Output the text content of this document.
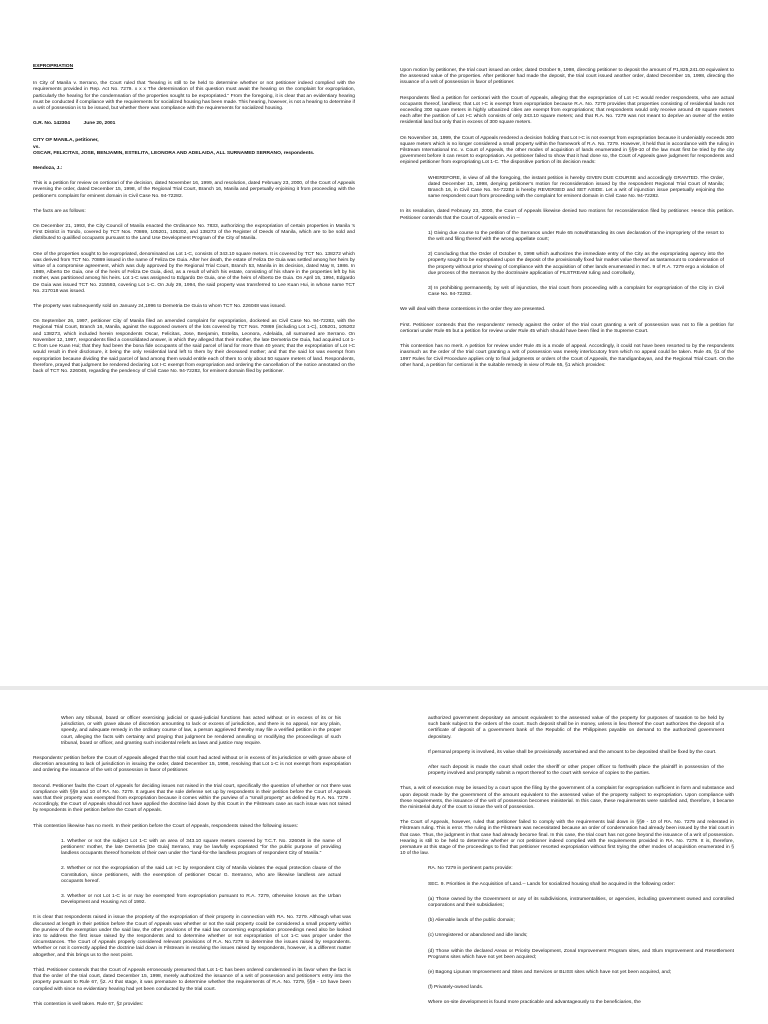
EXPROPRIATION

In City of Manila v. Serrano, the Court ruled that "hearing is still to be held to determine whether or not petitioner indeed complied with the requirements provided in Rep. Act No. 7279. x x x The determination of this question must await the hearing on the complaint for expropriation, particularly the hearing for the condemnation of the properties sought to be expropriated." From the foregoing, it is clear that an evidentiary hearing must be conducted if compliance with the requirements for socialized housing has been made. This hearing, however, is not a hearing to determine if a writ of possession is to be issued, but whether there was compliance with the requirements for socialized housing.

G.R. No. 142304          June 20, 2001

CITY OF MANILA, petitioner,
vs.
OSCAR, FELICITAS, JOSE, BENJAMIN, ESTELITA, LEONORA AND ADELAIDA, ALL SURNAMED SERRANO, respondents.

Mendoza, J.:

This is a petition for review on certiorari of the decision, dated November 16, 1999, and resolution, dated February 23, 2000, of the Court of Appeals reversing the order, dated December 15, 1998, of the Regional Trial Court, Branch 16, Manila and perpetually enjoining it from proceeding with the petitioner's complaint for eminent domain in Civil Case No. 94-72282.

The facts are as follows:

On December 21, 1993, the City Council of Manila enacted the Ordinance No. 7833, authorizing the expropriation of certain properties in Manila 's First District in Tondo, covered by TCT Nos. 70869, 105201, 105202, and 138273 of the Register of Deeds of Manila, which are to be sold and distributed to qualified occupants pursuant to the Land Use Development Program of the City of Manila.

One of the properties sought to be expropriated, denominated as Lot 1-C, consists of 343.10 square meters. It is covered by TCT No. 138272 which was derived from TCT No. 70869 issued in the name of Feliza De Guia. After her death, the estate of Feliza De Guia was settled among her heirs by virtue of a compromise agreement, which was duly approved by the Regional Trial Court, Branch 53, Manila in its decision, dated May 8, 1986. In 1989, Alberto De Guia, one of the heirs of Feliza De Guia, died, as a result of which his estate, consisting of his share in the properties left by his mother, was partitioned among his heirs. Lot 1-C was assigned to Edgardo De Guia, one of the heirs of Alberto De Guia. On April 15, 1994, Edgardo De Guia was issued TCT No. 215593, covering Lot 1-C. On July 29, 1994, the said property was transferred to Lee Kuan Hui, in whose name TCT No. 217018 was issued.

The property was subsequently sold on January 24,1996 to Demetria De Guia to whom TCT No. 226048 was issued.

On September 26, 1997, petitioner City of Manila filed an amended complaint for expropriation, docketed as Civil Case No. 94-72282, with the Regional Trial Court, Branch 16, Manila, against the supposed owners of the lots covered by TCT Nos. 70869 (including Lot 1-C), 105201, 105202 and 138273, which included herein respondents Oscar, Felicitas, Jose, Benjamin, Estelita, Leonora, Adelaida, all surnamed are Serrano. On November 12, 1997, respondents filed a consolidated answer, in which they alleged that their mother, the late Demetria De Guia, had acquired Lot 1-C from Lee Kuan Hui; that they had been the bona fide occupants of the said parcel of land for more than 40 years; that the expropriation of Lot I-C would result in their disclosure, it being the only residential land left to them by their deceased mother; and that the said lot was exempt from expropriation because dividing the said parcel of land among them would entitle each of them to only about 50 square meters of land. Respondents, therefore, prayed that judgment be rendered declaring Lot I-C exempt from expropriation and ordering the cancellation of the notice annotated on the back of TCT No. 226048, regarding the pendency of Civil Case No. 94-72282, for eminent domain filed by petitioner.

Upon motion by petitioner, the trial court issued an order, dated October 9, 1998, directing petitioner to deposit the amount of P1,825,241.00 equivalent to the assessed value of the properties. After petitioner had made the deposit, the trial court issued another order, dated December 15, 1998, directing the issuance of a writ of possession in favor of petitioner.

Respondents filed a petition for certiorari with the Court of Appeals, alleging that the expropriation of Lot I-C would render respondents, who are actual occupants thereof, landless; that Lot I-C is exempt from expropriation because R.A. No. 7279 provides that properties consisting of residential lands not exceeding 300 square meters in highly urbanized cities are exempt from expropriations; that respondents would only receive around 49 square meters each after the partition of Lot I-C which consists of only 343.10 square meters; and that R.A. No. 7279 was not meant to deprive an owner of the entire residential land but only that in excess of 300 square meters.

On November 16, 1999, the Court of Appeals rendered a decision holding that Lot I-C is not exempt from expropriation because it undeniably exceeds 300 square meters which is no longer considered a small property within the framework of R.A. No. 7279. However, it held that in accordance with the ruling in Filstream International Inc. v. Court of Appeals, the other modes of acquisition of lands enumerated in §§9-10 of the law must first be tried by the city government before it can resort to expropriation. As petitioner failed to show that it had done so, the Court of Appeals gave judgment for respondents and enjoined petitioner from expropriating Lot 1-C. The dispositive portion of its decision reads:

WHEREFORE, in view of all the foregoing, the instant petition is hereby GIVEN DUE COURSE and accordingly GRANTED. The Order, dated December 15, 1998, denying petitioner's motion for reconsideration issued by the respondent Regional Trial Court of Manila; Branch 16, in Civil Case No. 94-72282 is hereby REVERSED and SET ASIDE. Let a writ of injunction issue perpetually enjoining the same respondent court from proceeding with the complaint for eminent domain in Civil Case No. 94-72282.

In its resolution, dated February 23, 2000, the Court of Appeals likewise denied two motions for reconsideration filed by petitioner. Hence this petition. Petitioner contends that the Court of Appeals erred in --

1) Giving due course to the petition of the Serranos under Rule 65 notwithstanding its own declaration of the impropriety of the resort to the writ and filing thereof with the wrong appellate court;

2) Concluding that the Order of October 9, 1998 which authorizes the immediate entry of the City as the expropriating agency into the property sought to be expropriated upon the deposit of the provisionally fixed fair market value thereof as tantamount to condemnation of the property without prior showing of compliance with the acquisition of other lands enumerated in Sec. 9 of R.A. 7279 ergo a violation of due process of the Serranos by the doctrinaire application of FILSTREAM ruling and corrollarily,

3) In prohibiting permanently, by writ of injunction, the trial court from proceeding with a complaint for expropriation of the City in Civil Case No. 94-72282.

We will deal with these contentions in the order they are presented.

First. Petitioner contends that the respondents' remedy against the order of the trial court granting a writ of possession was not to file a petition for certiorari under Rule 65 but a petition for review under Rule 45 which should have been filed in the Supreme Court.

This contention has no merit. A petition for review under Rule 45 is a mode of appeal. Accordingly, it could not have been resorted to by the respondents inasmuch as the order of the trial court granting a writ of possession was merely interlocutory from which no appeal could be taken. Rule 45, §1 of the 1997 Rules for Civil Procedure applies only to final judgments or orders of the Court of Appeals, the Sandiganbayan, and the Regional Trial Court. On the other hand, a petition for certiorari is the suitable remedy in view of Rule 65, §1 which provides:

When any tribunal, board or officer exercising judicial or quasi-judicial functions has acted without or in excess of its or his jurisdiction, or with grave abuse of discretion amounting to lack or excess of jurisdiction, and there is no appeal, nor any plain, speedy, and adequate remedy in the ordinary course of law, a person aggrieved thereby may file a verified petition in the proper court, alleging the facts with certainty and praying that judgment be rendered annulling or modifying the proceedings of such tribunal, board or officer, and granting such incidental reliefs as laws and justice may require.

Respondents' petition before the Court of Appeals alleged that the trial court had acted without or in excess of its jurisdiction or with grave abuse of discretion amounting to lack of jurisdiction in issuing the order, dated December 15, 1998, resolving that Lot 1-C is not exempt from expropriation and ordering the issuance of the writ of possession in favor of petitioner.

Second. Petitioner faults the Court of Appeals for deciding issues not raised in the trial court, specifically the question of whether or not there was compliance with §§9 and 10 of RA. No. 7279. It argues that the sole defense set up by respondents in their petition before the Court of Appeals was that their property was exempted from expropriation because it comes within the purview of a "small property" as defined by R.A. No. 7279 . Accordingly, the Court of Appeals should not have applied the doctrine laid down by this Court in the Filstream case as such issue was not raised by respondents in their petition before the Court of Appeals.

This contention likewise has no merit. In their petition before the Court of Appeals, respondents raised the following issues:

1. Whether or not the subject Lot 1-C with an area of 343.10 square meters covered by T.C.T. No. 226048 in the name of petitioners' mother, the late Demetria [De Guia] Serrano, may be lawfully expropriated "for the public purpose of providing landless occupants thereof homelots of their own under the "land-for-the landless program of respondent City of Manila."

2. Whether or not the expropriation of the said Lot I-C by respondent City of Manila violates the equal protection clause of the Constitution, since petitioners, with the exemption of petitioner Oscar G. Serranno, who are likewise landless are actual occupants hereof.

3. Whether or not Lot 1-C is or may be exempted from expropriation pursuant to R.A. 7279, otherwise known as the Urban Development and Housing Act of 1992.

It is clear that respondents raised in issue the propriety of the expropriation of their property in connection with RA. No. 7279. Although what was discussed at length in their petition before the Court of Appeals was whether or not the said property could be considered a small property within the purview of the exemption under the said law, the other provisions of the said law concerning expropriation proceedings need also be looked into to address the first issue raised by the respondents and to determine whether or not expropriation of Lot 1-C was proper under the circumstances. The Court of Appeals properly considered relevant provisions of R.A. No.7279 to determine the issues raised by respondents. Whether or not it correctly applied the doctrine laid down in Filstream in resolving the issues raised by respondents, however, is a different matter altogether, and this brings us to the next point.

Third. Petitioner contends that the Court of Appeals erroneously presumed that Lot 1-C has been ordered condemned in its favor when the fact is that the order of the trial court, dated December 15, 1998, merely authorized the issuance of a writ of possession and petitioner's entry into the property pursuant to Rule 67, §2. At that stage, it was premature to determine whether the requirements of R.A. No. 7279, §§9 - 10 have been complied with since no evidentiary hearing had yet been conducted by the trial court.

This contention is well taken. Rule 67, §2 provides:

authorized government depositary an amount equivalent to the assessed value of the property for purposes of taxation to be held by such bank subject to the orders of the court. Such deposit shall be in money, unless in lieu thereof the court authorizes the deposit of a certificate of deposit of a government bank of the Republic of the Philippines payable on demand to the authorized government depositary.

If personal property is involved, its value shall be provisionally ascertained and the amount to be deposited shall be fixed by the court.

After such deposit is made the court shall order the sheriff or other proper officer to forthwith place the plaintiff in possession of the property involved and promptly submit a report thereof to the court with service of copies to the parties.

Thus, a writ of execution may be issued by a court upon the filing by the government of a complaint for expropriation sufficient in form and substance and upon deposit made by the government of the amount equivalent to the assessed value of the property subject to expropriation. Upon compliance with these requirements, the issuance of the writ of possession becomes ministerial. In this case, these requirements were satisfied and, therefore, it became the ministerial duty of the court to issue the writ of possession.

The Court of Appeals, however, ruled that petitioner failed to comply with the requirements laid down in §§9 - 10 of RA. No. 7279 and reiterated in Filstream ruling. This is error. The ruling in the Filstream was necessitated because an order of condemnation had already been issued by the trial court in that case. Thus, the judgment in that case had already become final. In this case, the trial court has not gone beyond the issuance of a writ of possession. Hearing is still to be held to determine whether or not petitioner indeed complied with the requirements provided in RA. No. 7279. It is, therefore, premature at this stage of the proceedings to find that petitioner resorted expropriation without first trying the other modes of acquisition enumerated in § 10 of the law.

RA. No 7279 in pertinent parts provide:

SEC. 9. Priorities in the Acquisition of Land.-- Lands for socialized housing shall be acquired in the following order:

(a) Those owned by the Government or any of its subdivisions, instrumentalities, or agencies, including government owned and controlled corporations and their subsidiaries;

(b) Alienable lands of the public domain;

(c) Unregistered or abandoned and idle lands;

(d) Those within the declared Areas or Priority Development, Zonal Improvement Program sites, and Slum Improvement and Resettlement Programs sites which have not yet been acquired;

(e) Bagong Lipunan Improvement and Sites and Services or BLISS sites which have not yet been acquired, and;

(f) Privately-owned lands.

Where on-site development is found more practicable and advantageously to the beneficiaries, the
